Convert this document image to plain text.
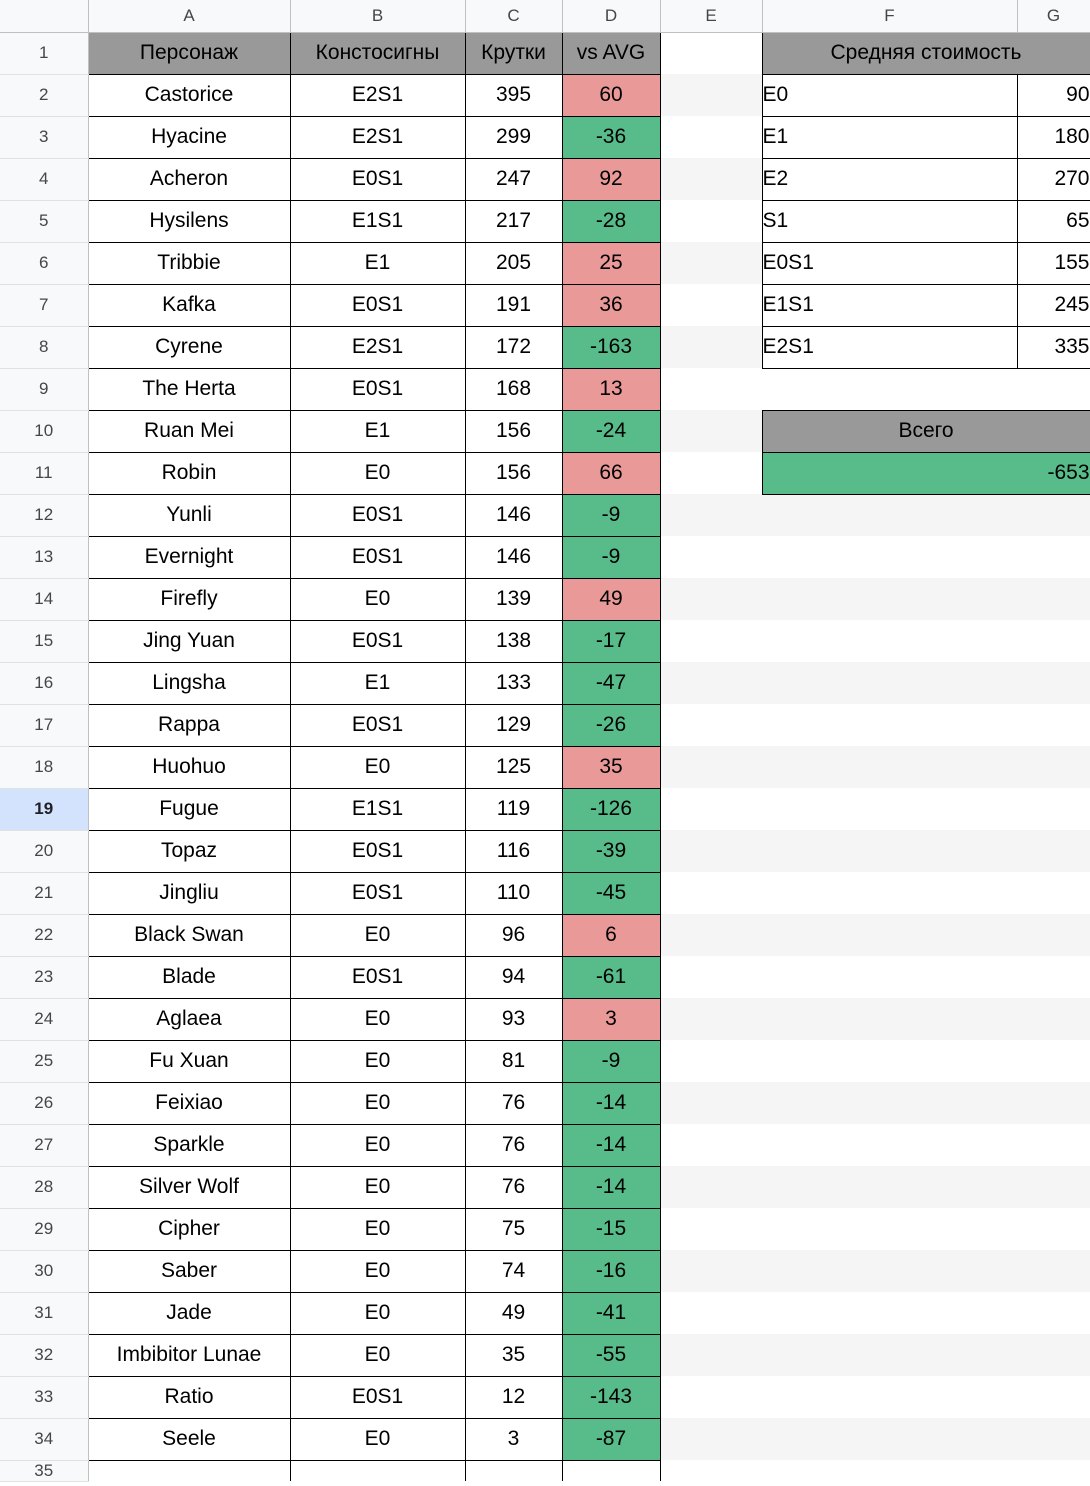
	A	B	C	D	E	F	G
1	Персонаж	Констосигны	Крутки	vs AVG		Средняя стоимость	
2	Castorice	E2S1	395	60		E0	90
3	Hyacine	E2S1	299	-36		E1	180
4	Acheron	E0S1	247	92		E2	270
5	Hysilens	E1S1	217	-28		S1	65
6	Tribbie	E1	205	25		E0S1	155
7	Kafka	E0S1	191	36		E1S1	245
8	Cyrene	E2S1	172	-163		E2S1	335
9	The Herta	E0S1	168	13			
10	Ruan Mei	E1	156	-24		Всего	
11	Robin	E0	156	66		-653	
12	Yunli	E0S1	146	-9			
13	Evernight	E0S1	146	-9			
14	Firefly	E0	139	49			
15	Jing Yuan	E0S1	138	-17			
16	Lingsha	E1	133	-47			
17	Rappa	E0S1	129	-26			
18	Huohuo	E0	125	35			
19	Fugue	E1S1	119	-126			
20	Topaz	E0S1	116	-39			
21	Jingliu	E0S1	110	-45			
22	Black Swan	E0	96	6			
23	Blade	E0S1	94	-61			
24	Aglaea	E0	93	3			
25	Fu Xuan	E0	81	-9			
26	Feixiao	E0	76	-14			
27	Sparkle	E0	76	-14			
28	Silver Wolf	E0	76	-14			
29	Cipher	E0	75	-15			
30	Saber	E0	74	-16			
31	Jade	E0	49	-41			
32	Imbibitor Lunae	E0	35	-55			
33	Ratio	E0S1	12	-143			
34	Seele	E0	3	-87			
35							
